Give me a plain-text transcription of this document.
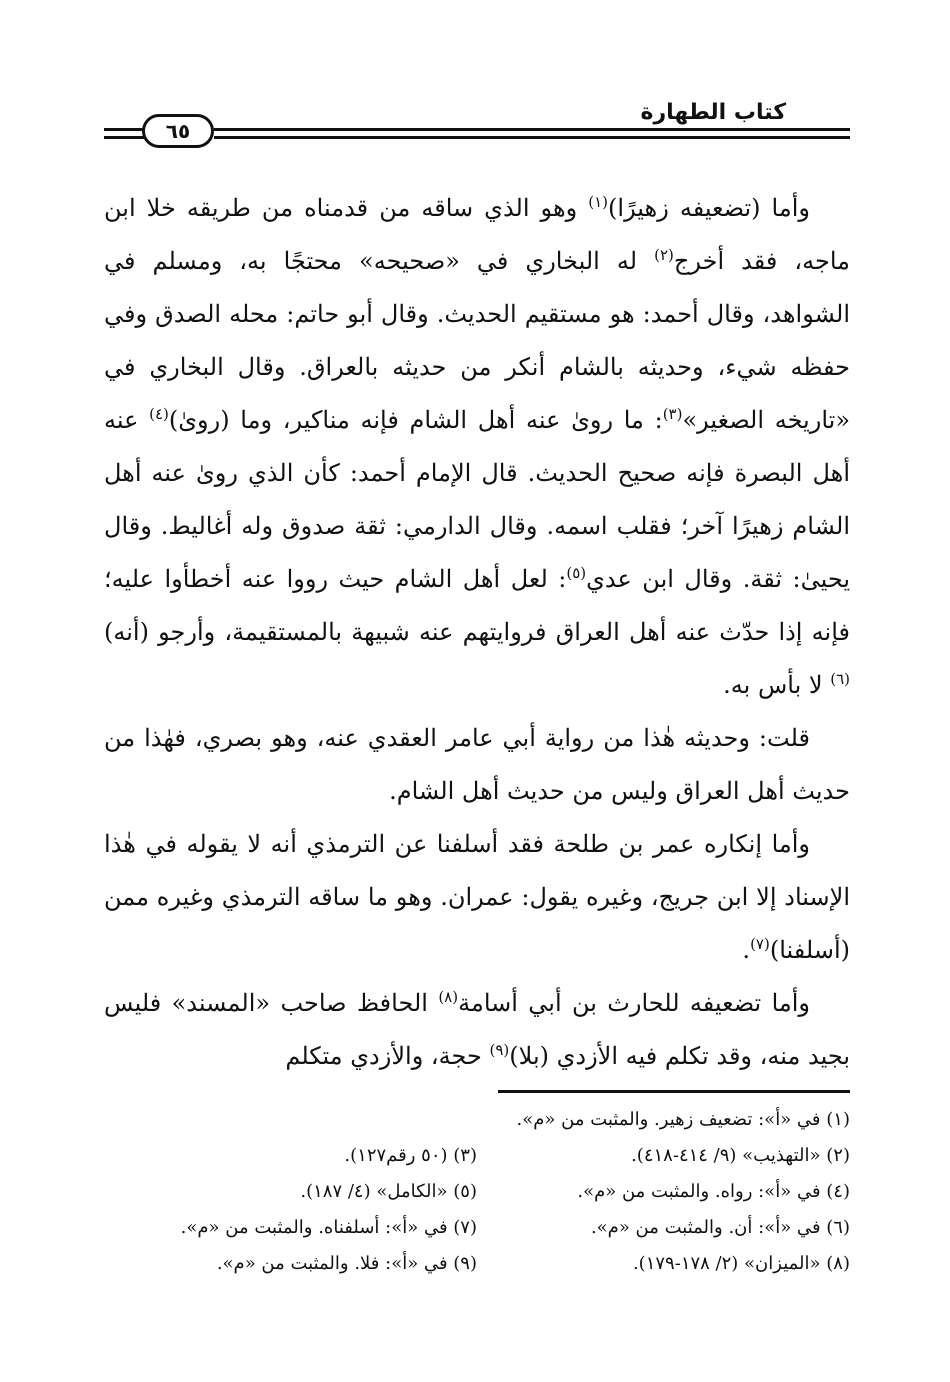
كتاب الطهارة
٦٥

وأما (تضعيفه زهيرًا)$^{(١)}$ وهو الذي ساقه من قدمناه من طريقه خلا ابن ماجه، فقد أخرج$^{(٢)}$ له البخاري في «صحيحه» محتجًا به، ومسلم في الشواهد، وقال أحمد: هو مستقيم الحديث. وقال أبو حاتم: محله الصدق وفي حفظه شيء، وحديثه بالشام أنكر من حديثه بالعراق. وقال البخاري في «تاريخه الصغير»$^{(٣)}$: ما روىٰ عنه أهل الشام فإنه مناكير، وما (روىٰ)$^{(٤)}$ عنه أهل البصرة فإنه صحيح الحديث. قال الإمام أحمد: كأن الذي روىٰ عنه أهل الشام زهيرًا آخر؛ فقلب اسمه. وقال الدارمي: ثقة صدوق وله أغاليط. وقال يحيىٰ: ثقة. وقال ابن عدي$^{(٥)}$: لعل أهل الشام حيث رووا عنه أخطأوا عليه؛ فإنه إذا حدّث عنه أهل العراق فروايتهم عنه شبيهة بالمستقيمة، وأرجو (أنه)$^{(٦)}$ لا بأس به.

قلت: وحديثه هٰذا من رواية أبي عامر العقدي عنه، وهو بصري، فهٰذا من حديث أهل العراق وليس من حديث أهل الشام.

وأما إنكاره عمر بن طلحة فقد أسلفنا عن الترمذي أنه لا يقوله في هٰذا الإسناد إلا ابن جريج، وغيره يقول: عمران. وهو ما ساقه الترمذي وغيره ممن (أسلفنا)$^{(٧)}$.

وأما تضعيفه للحارث بن أبي أسامة$^{(٨)}$ الحافظ صاحب «المسند» فليس بجيد منه، وقد تكلم فيه الأزدي (بلا)$^{(٩)}$ حجة، والأزدي متكلم

(١) في «أ»: تضعيف زهير. والمثبت من «م».
(٢) «التهذيب» (٩/ ٤١٤-٤١٨).
(٣) (٥٠ رقم١٢٧).
(٤) في «أ»: رواه. والمثبت من «م».
(٥) «الكامل» (٤/ ١٨٧).
(٦) في «أ»: أن. والمثبت من «م».
(٧) في «أ»: أسلفناه. والمثبت من «م».
(٨) «الميزان» (٢/ ١٧٨-١٧٩).
(٩) في «أ»: فلا. والمثبت من «م».
